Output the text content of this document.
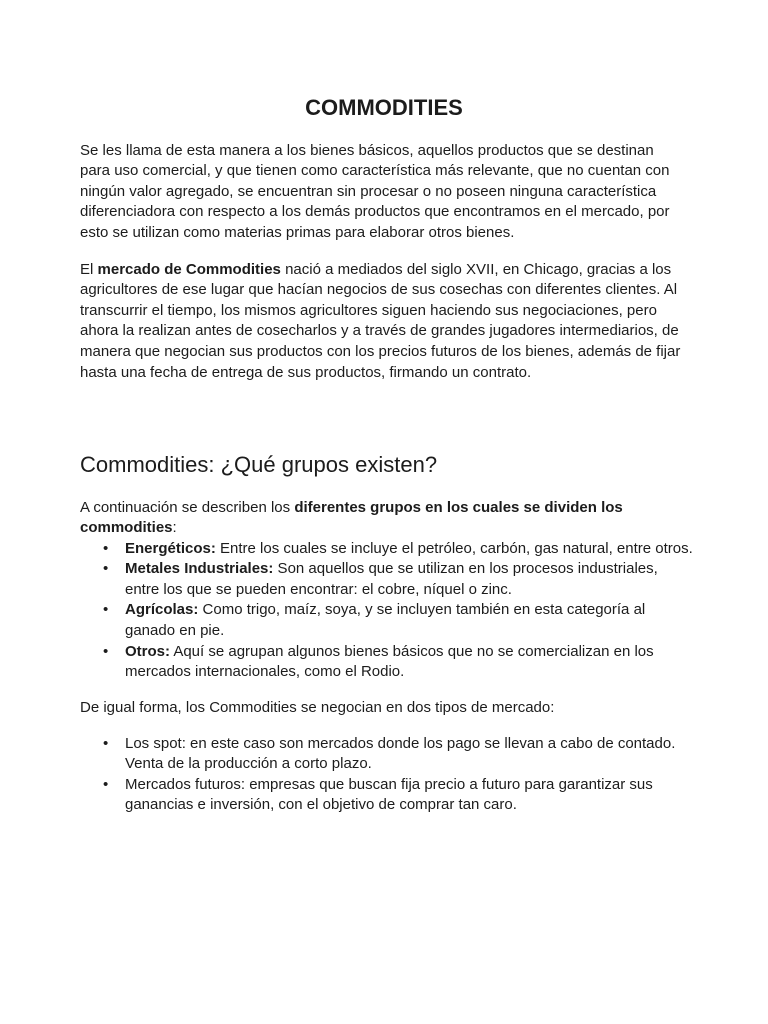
COMMODITIES
Se les llama de esta manera a los bienes básicos, aquellos productos que se destinan
para uso comercial, y que tienen como característica más relevante, que no cuentan con
ningún valor agregado, se encuentran sin procesar o no poseen ninguna característica
diferenciadora con respecto a los demás productos que encontramos en el mercado, por
esto se utilizan como materias primas para elaborar otros bienes.
El mercado de Commodities nació a mediados del siglo XVII, en Chicago, gracias a los
agricultores de ese lugar que hacían negocios de sus cosechas con diferentes clientes. Al
transcurrir el tiempo, los mismos agricultores siguen haciendo sus negociaciones, pero
ahora la realizan antes de cosecharlos y a través de grandes jugadores intermediarios, de
manera que negocian sus productos con los precios futuros de los bienes, además de fijar
hasta una fecha de entrega de sus productos, firmando un contrato.
Commodities: ¿Qué grupos existen?
A continuación se describen los diferentes grupos en los cuales se dividen los
commodities:
• Energéticos: Entre los cuales se incluye el petróleo, carbón, gas natural, entre otros.
• Metales Industriales: Son aquellos que se utilizan en los procesos industriales,
entre los que se pueden encontrar: el cobre, níquel o zinc.
• Agrícolas: Como trigo, maíz, soya, y se incluyen también en esta categoría al
ganado en pie.
• Otros: Aquí se agrupan algunos bienes básicos que no se comercializan en los
mercados internacionales, como el Rodio.
De igual forma, los Commodities se negocian en dos tipos de mercado:
• Los spot: en este caso son mercados donde los pago se llevan a cabo de contado.
Venta de la producción a corto plazo.
• Mercados futuros: empresas que buscan fija precio a futuro para garantizar sus
ganancias e inversión, con el objetivo de comprar tan caro.
